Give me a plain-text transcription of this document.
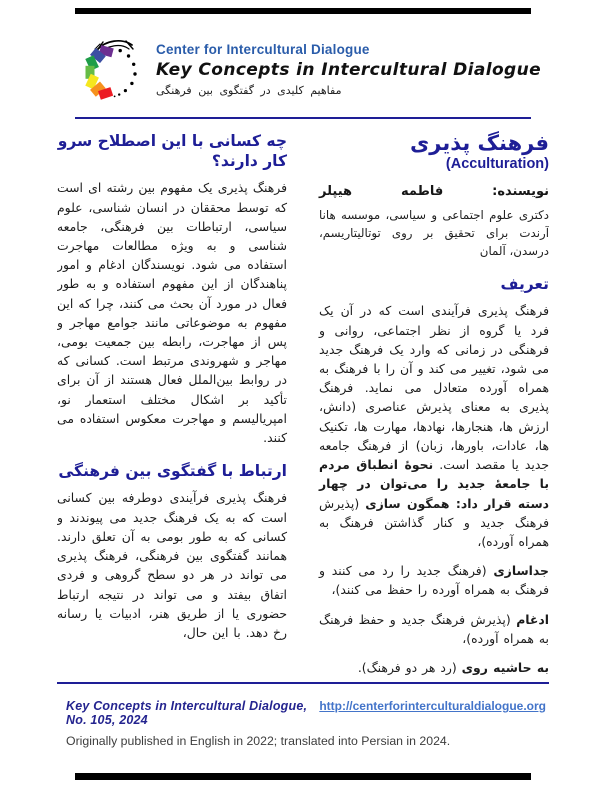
Center for Intercultural Dialogue
Key Concepts in Intercultural Dialogue
مفاهیم کلیدی در گفتگوی بین فرهنگی
فرهنگ پذیری
(Acculturation)

نویسنده: فاطمه هیپلر

دکتری علوم اجتماعی و سیاسی، موسسه هانا آرندت برای تحقیق بر روی توتالیتاریسم، درسدن، آلمان

تعریف

فرهنگ پذیری فرآیندی است که در آن یک فرد یا گروه از نظر اجتماعی، روانی و فرهنگی در زمانی که وارد یک فرهنگ جدید می شود، تغییر می کند و آن را با فرهنگ به همراه آورده متعادل می نماید. فرهنگ پذیری به معنای پذیرش عناصری (دانش، ارزش ها، هنجارها، نهادها، مهارت ها، تکنیک ها، عادات، باورها، زبان) از فرهنگ جامعه جدید یا مقصد است. نحوهٔ انطباق مردم با جامعهٔ جدید را می‌توان در چهار دسته قرار داد: همگون سازی (پذیرش فرهنگ جدید و کنار گذاشتن فرهنگ به همراه آورده)،

جداسازی (فرهنگ جدید را رد می کنند و فرهنگ به همراه آورده را حفظ می کنند)،

ادغام (پذیرش فرهنگ جدید و حفظ فرهنگ به همراه آورده)،

به حاشیه روی (رد هر دو فرهنگ).

چه کسانی با این اصطلاح سرو کار دارند؟

فرهنگ پذیری یک مفهوم بین رشته ای است که توسط محققان در انسان شناسی، علوم سیاسی، ارتباطات بین فرهنگی، جامعه شناسی و به ویژه مطالعات مهاجرت استفاده می شود. نویسندگان ادغام و امور پناهندگان از این مفهوم استفاده و به طور فعال در مورد آن بحث می کنند، چرا که این مفهوم به موضوعاتی مانند جوامع مهاجر و پس از مهاجرت، رابطه بین جمعیت بومی، مهاجر و شهروندی مرتبط است. کسانی که در روابط بین‌الملل فعال هستند از آن برای تأکید بر اشکال مختلف استعمار نو، امپریالیسم و مهاجرت معکوس استفاده می کنند.

ارتباط با گفتگوی بین فرهنگی

فرهنگ پذیری فرآیندی دوطرفه بین کسانی است که به یک فرهنگ جدید می پیوندند و کسانی که به طور بومی به آن تعلق دارند. همانند گفتگوی بین فرهنگی، فرهنگ پذیری می تواند در هر دو سطح گروهی و فردی اتفاق بیفتد و می تواند در نتیجه ارتباط حضوری یا از طریق هنر، ادبیات یا رسانه رخ دهد. با این حال،

Key Concepts in Intercultural Dialogue, No. 105, 2024
http://centerforinterculturaldialogue.org
Originally published in English in 2022; translated into Persian in 2024.
